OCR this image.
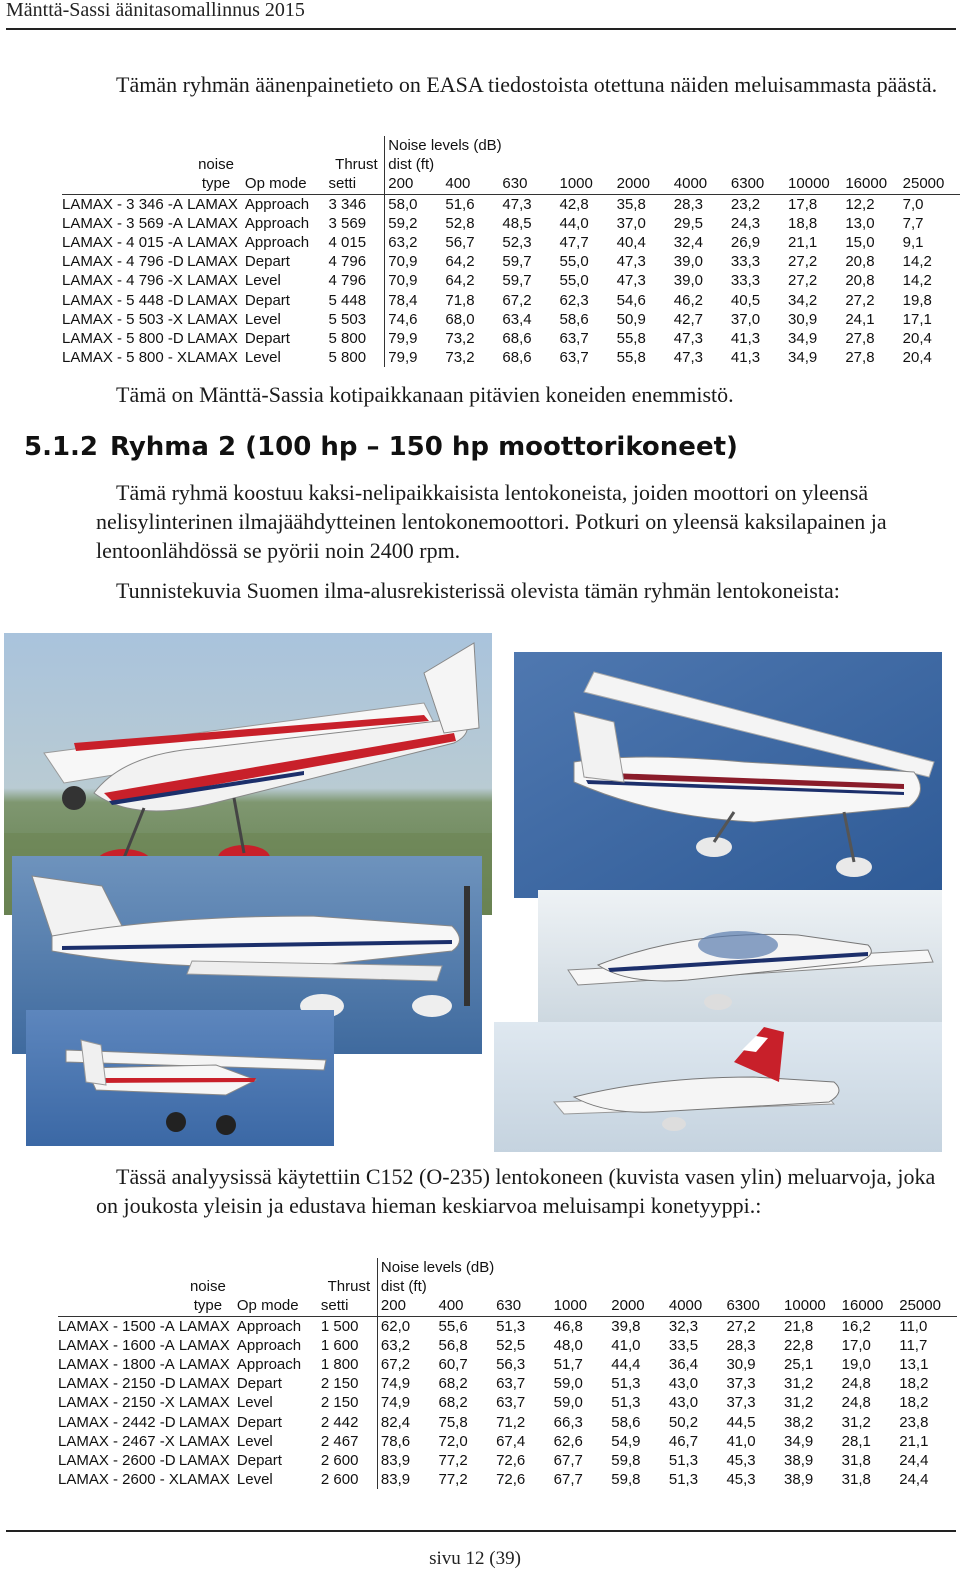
Mänttä-Sassi äänitasomallinnus 2015

Tämän ryhmän äänenpainetieto on EASA tiedostoista otettuna näiden meluisammasta päästä.

				Noise levels (dB)									
	noise		Thrust	dist (ft)									
	type	Op mode	setti	200	400	630	1000	2000	4000	6300	10000	16000	25000
LAMAX - 3 346 -A	LAMAX	Approach	3 346	58,0	51,6	47,3	42,8	35,8	28,3	23,2	17,8	12,2	7,0
LAMAX - 3 569 -A	LAMAX	Approach	3 569	59,2	52,8	48,5	44,0	37,0	29,5	24,3	18,8	13,0	7,7
LAMAX - 4 015 -A	LAMAX	Approach	4 015	63,2	56,7	52,3	47,7	40,4	32,4	26,9	21,1	15,0	9,1
LAMAX - 4 796 -D	LAMAX	Depart	4 796	70,9	64,2	59,7	55,0	47,3	39,0	33,3	27,2	20,8	14,2
LAMAX - 4 796 -X	LAMAX	Level	4 796	70,9	64,2	59,7	55,0	47,3	39,0	33,3	27,2	20,8	14,2
LAMAX - 5 448 -D	LAMAX	Depart	5 448	78,4	71,8	67,2	62,3	54,6	46,2	40,5	34,2	27,2	19,8
LAMAX - 5 503 -X	LAMAX	Level	5 503	74,6	68,0	63,4	58,6	50,9	42,7	37,0	30,9	24,1	17,1
LAMAX - 5 800 -D	LAMAX	Depart	5 800	79,9	73,2	68,6	63,7	55,8	47,3	41,3	34,9	27,8	20,4
LAMAX - 5 800 - X	LAMAX	Level	5 800	79,9	73,2	68,6	63,7	55,8	47,3	41,3	34,9	27,8	20,4

Tämä on Mänttä-Sassia kotipaikkanaan pitävien koneiden enemmistö.

5.1.2 Ryhma 2 (100 hp – 150 hp moottorikoneet)

Tämä ryhmä koostuu kaksi-nelipaikkaisista lentokoneista, joiden moottori on yleensä nelisylinterinen ilmajäähdytteinen lentokonemoottori. Potkuri on yleensä kaksilapainen ja lentoonlähdössä se pyörii noin 2400 rpm.

Tunnistekuvia Suomen ilma-alusrekisterissä olevista tämän ryhmän lentokoneista:

Tässä analyysissä käytettiin C152 (O-235) lentokoneen (kuvista vasen ylin) meluarvoja, joka on joukosta yleisin ja edustava hieman keskiarvoa meluisampi konetyyppi.:

				Noise levels (dB)									
	noise		Thrust	dist (ft)									
	type	Op mode	setti	200	400	630	1000	2000	4000	6300	10000	16000	25000
LAMAX - 1500 -A	LAMAX	Approach	1 500	62,0	55,6	51,3	46,8	39,8	32,3	27,2	21,8	16,2	11,0
LAMAX - 1600 -A	LAMAX	Approach	1 600	63,2	56,8	52,5	48,0	41,0	33,5	28,3	22,8	17,0	11,7
LAMAX - 1800 -A	LAMAX	Approach	1 800	67,2	60,7	56,3	51,7	44,4	36,4	30,9	25,1	19,0	13,1
LAMAX - 2150 -D	LAMAX	Depart	2 150	74,9	68,2	63,7	59,0	51,3	43,0	37,3	31,2	24,8	18,2
LAMAX - 2150 -X	LAMAX	Level	2 150	74,9	68,2	63,7	59,0	51,3	43,0	37,3	31,2	24,8	18,2
LAMAX - 2442 -D	LAMAX	Depart	2 442	82,4	75,8	71,2	66,3	58,6	50,2	44,5	38,2	31,2	23,8
LAMAX - 2467 -X	LAMAX	Level	2 467	78,6	72,0	67,4	62,6	54,9	46,7	41,0	34,9	28,1	21,1
LAMAX - 2600 -D	LAMAX	Depart	2 600	83,9	77,2	72,6	67,7	59,8	51,3	45,3	38,9	31,8	24,4
LAMAX - 2600 - X	LAMAX	Level	2 600	83,9	77,2	72,6	67,7	59,8	51,3	45,3	38,9	31,8	24,4
sivu 12 (39)
